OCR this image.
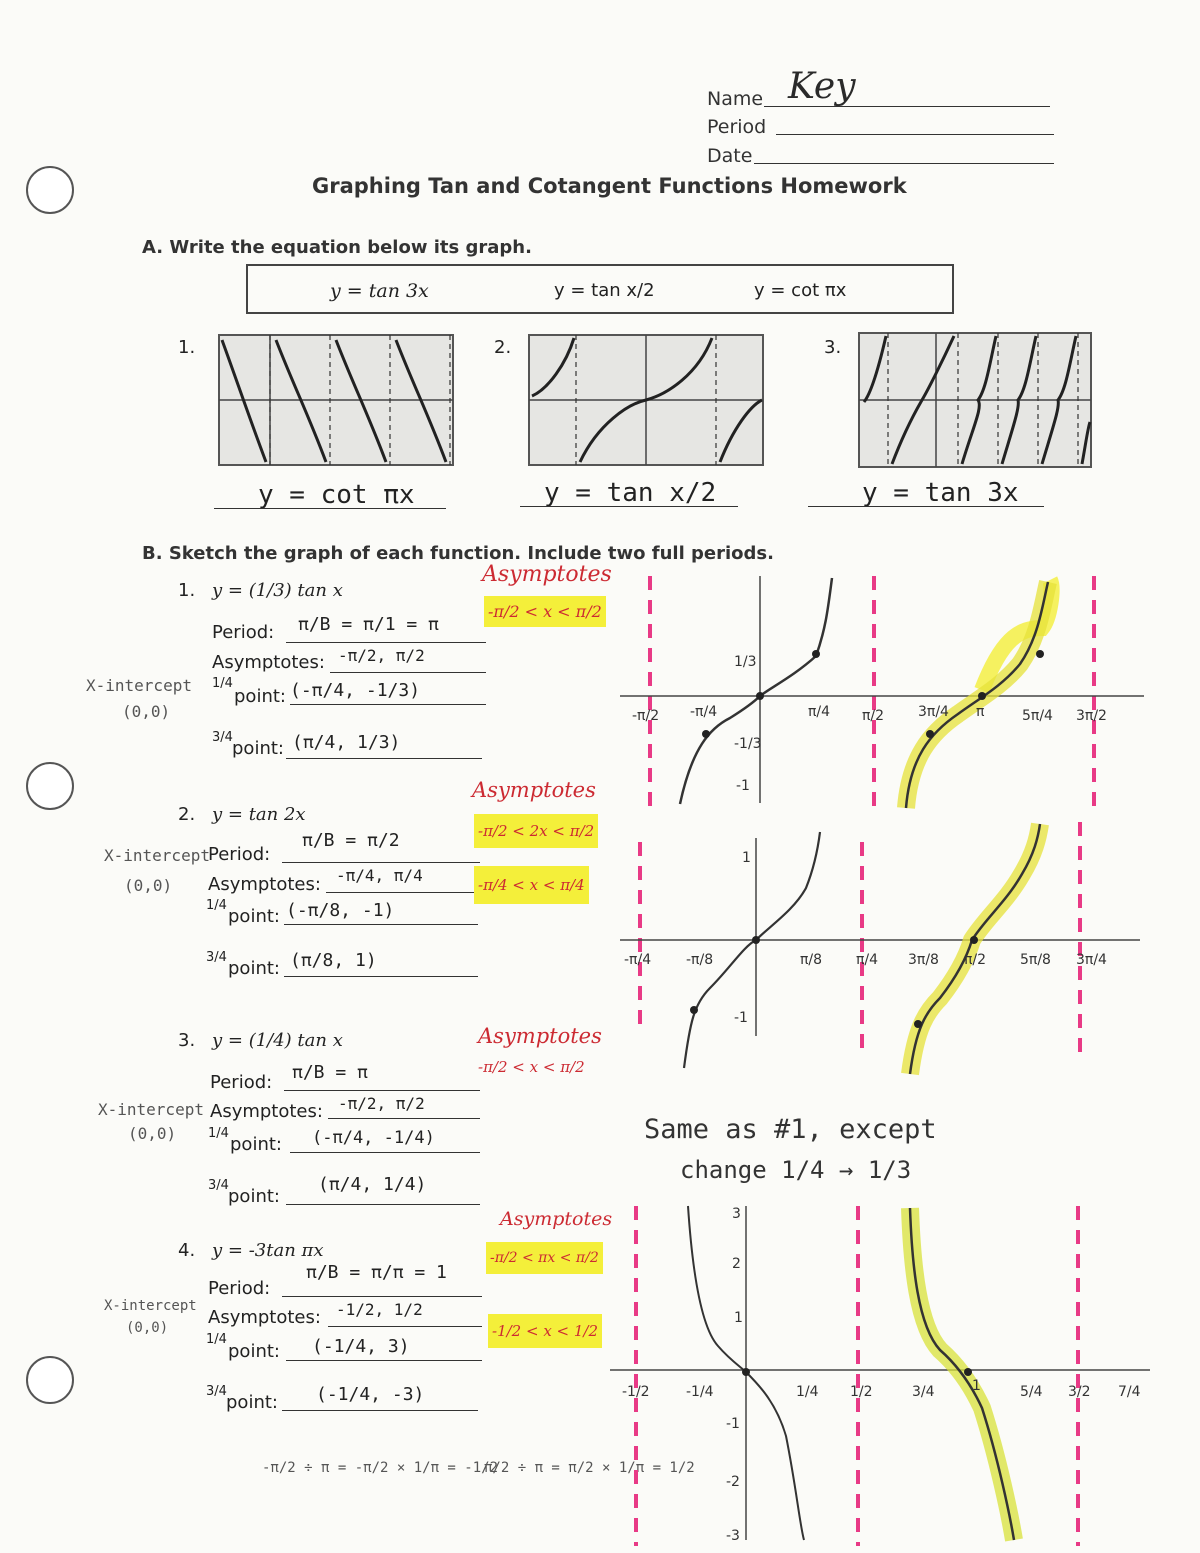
Name Key
Period
Date
Graphing Tan and Cotangent Functions Homework
A. Write the equation below its graph.
y = tan 3x	y = tan x/2	y = cot πx
1.	2.	3.
y = cot πx	y = tan x/2	y = tan 3x
B. Sketch the graph of each function. Include two full periods.
1. y = (1/3) tan x
Period: π/B = π/1 = π
Asymptotes: -π/2, π/2
1/4
point: (-π/4, -1/3)
3/4
point: (π/4, 1/3)
X-intercept
(0,0)
Asymptotes
-π/2 < x < π/2
2. y = tan 2x
Period:
π/B = π/2
Asymptotes: -π/4, π/4
1/4
point: (-π/8, -1)
3/4
point: (π/8, 1)
X-intercept
(0,0)
Asymptotes
-π/2 < 2x < π/2
-π/4 < x < π/4
3. y = (1/4) tan x
Period: π/B = π
Asymptotes: -π/2, π/2
1/4
point: (-π/4, -1/4)
3/4
point:
(π/4, 1/4)
X-intercept
(0,0)
Asymptotes
-π/2 < x < π/2
4. y = -3tan πx
Period:
π/B = π/π = 1
Asymptotes: -1/2, 1/2
1/4
point: (-1/4, 3)
3/4
point: (-1/4, -3)
X-intercept
(0,0)
Asymptotes
-π/2 < πx < π/2
-1/2 < x < 1/2
-π/2 ÷ π = -π/2 × 1/π = -1/2
π/2 ÷ π = π/2 × 1/π = 1/2
Same as #1, except
change 1/4 → 1/3
-π/2 -π/4	π/4 π/2 3π/4 π	5π/4 3π/2
1/3
-1/3
-1
-π/4 -π/8	π/8 π/4 3π/8 π/2 5π/8 3π/4
1
-1
-1/2	-1/4	1/4 1/2	3/4	1	5/4 3/2 7/4
3
2
1
-1
-2
-3
